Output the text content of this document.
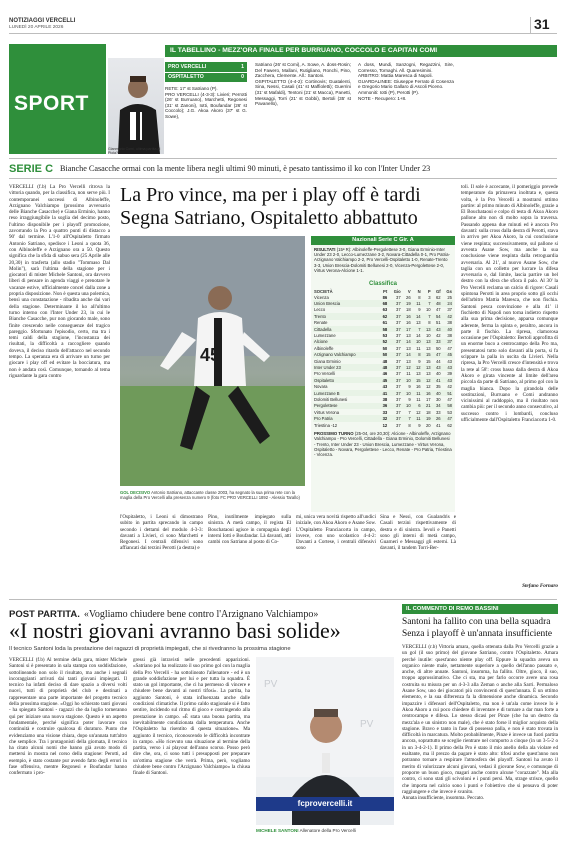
NOTIZIAGGI VERCELLI
LUNEDÌ 20 APRILE 2026	31
SPORT
IL TABELLINO - MEZZ'ORA FINALE PER BURRUANO, COCCOLO E CAPITAN COMI
Gianmario Comi, ultima partita al Piola?
PRO VERCELLI	1
OSPITALETTO	0
RETE: 17' st Satriano (P).
PRO VERCELLI (4-3-3): Livieri; Perrotti (26' st Burruano), Marchetti, Regonesi (31' st Zanoni), Iotti, Boufandar (26' st Coccolo); J.G. Akoa Akoro (37' st G. Sowe),
Satriano (26' st Comi), A. Sowe, A. doss-Rosin; Del Fawero, Mallani, Rutigliano, Ronchi, Pino, Zacchera, Clemente. All.: Santoni.
OSPITALETTO (4-4-2): Cortinovis; Guatalenti, Sina, Nessi, Casali (41' st Maffioletti); Guerrini (31' st Mafaldi), Tentoni (21' st Macca), Panetti, Messaggi, Torri (21' st Gobbi), Bertoli (35' st Pavanello),
A doss, Mundi, Sanzogni, Regazzini, Sire, Corresso, Tornaghi. All. Quaresimini.
ARBITRO: Mattia Maresca di Napoli.
GUARDALINEE: Giuseppe Ferrato di Cosenza e Gregorio Mario Gallaro di Ascoli Piceno.
Ammoniti: Iotti (P), Perotti (P).
NOTE - Recupero: 1+8.
SERIE C Bianche Casacche ormai con la mente libera negli ultimi 90 minuti, è pesato tantissimo il ko con l'Inter Under 23
VERCELLI (f.b) La Pro Vercelli ritrova la vittoria quando, per la classifica, non serve più. I contemporanei successi di Albinoleffe, Arzignano Valchiampo (prossimo avversario delle Bianche Casacche) e Giana Erminio, hanno reso irraggiungibile la soglia del decimo posto, l'ultimo disponibile per i playoff promozione, zavorrando la Pro a quattro punti di distacco a 90' dal termine. L'1-0 all'Ospitaletto firmato Antonio Satriano, spedisce i Leoni a quota 36, con Albinoleffe e Arzignano ora a 50. Questo significa che la sfida di sabuo sera (25 Aprile alle 20,30) in trasferta (allo stadio "Tommaso Dal Molin"), sarà l'ultima della stagione per i giocatori di mister Michele Santoni, ora davvero liberi di pensare in agenda viaggi e prenotare le vacanze estive, ufficialmente concel dalla zone a propria disposizione. Non è questa una polemica, bensì una constatazione - ribadita anche dai vari della stagione. Determinante il ko all'ultimo turno interno con l'Inter Under 23, in cui le Bianche Casacche, pur non giocando male, sono finite crescendo nelle conseguenze del tragico pareggio. Sfortunato l'episodio, certo, ma tra i temi caldi della stagione, l'incostanza dei risultati, la difficoltà a raccogliere quando doveva, il deciso ritardo dell'attacco nel secondo tempo. La speranza era di arrivare un turno per giocare i play off ed evitare la bocciatura, ma non è andata così. Comunque, tornando al tema riguardante la gara contro
La Pro vince, ma per i play off è tardi
Segna Satriano, Ospitaletto abbattuto
45
GOL DECISIVO Antonio Satriano, attaccante classe 2003, ha segnato la sua prima rete con la maglia della Pro Vercelli alla presenza numero 9 (foto FC PRO VERCELLI 1892 - Alessio Tarallo)
Nazionali Serie C Gir. A
RISULTATI (15ª R): Albinoleffe-Pergolettese 3-0, Giana Erminio-Inter Under 23 2-0, Lecco-Lumezzane 3-2, Novara-Cittadella 0-1, Pro Patria-Arzignano Valchiampo 2-2, Pro Vercelli-Ospitaletto 1-0, Renate-Trento 3-3, Union Brescia-Dolomiti Bellunesi 2-0, Vicenza-Pergolettese 2-0, Virtus Verona-Alcione 1-1.
Classifica
SOCIETÀ	Pt	Gio	V	N	P	Gf	Gs
Vicenza	86	37	26	8	3	62	25
Union Brescia	68	37	19	11	7	48	24
Lecco	63	37	18	9	10	47	37
Trento	62	37	16	14	7	54	42
Renate	61	37	16	13	8	51	38
Cittadella	58	37	17	7	13	43	40
Lumezzane	53	37	13	14	10	42	38
Alcione	52	37	14	10	13	33	37
Albinoleffe	50	37	13	11	13	50	47
Arzignano Valchiampo	50	37	14	8	15	47	45
Giana Erminio	48	37	13	9	15	44	43
Inter Under 23	48	37	12	12	13	43	43
Pro Vercelli	46	37	11	13	13	40	39
Ospitaletto	45	37	10	15	12	41	43
Novara	43	37	9	16	12	35	42
Lumezzane B	41	37	10	11	16	40	51
Dolomiti Bellunesi	38	37	9	11	17	30	47
Pergolettese	36	37	10	6	21	34	58
Virtus Verona	33	37	7	12	18	33	53
Pro Patria	32	37	7	11	19	26	47
Triestina -12	12	37	8	9	20	41	62
PROSSIMO TURNO (25-04, ore 20,30): Alcione - Albinoleffe, Arzignano Valchiampo - Pro Vercelli, Cittadella - Giana Erminio, Dolomiti Bellunesi - Trento, Inter Under 23 - Union Brescia, Lumezzane - Virtus Verona, Ospitaletto - Novara, Pergolettese - Lecco, Renate - Pro Patria, Triestina - Vicenza.
l'Ospitaletto, i Leoni si dimostrano subito in partita sprecando in campo secondo i dettami del modulo 4-3-3: davanti a Livieri, ci sono Marchetti e Regonesi. I centrali difensivi sono affiancati dai terzini Perotti (a destra) e
Pino, inutilmente impiegato sulla sinistra. A metà campo, il regista El Bouchataoui agisce in compagnia degli interni Iotti e Boufandar. Là davanti, atti cambi con Satriano al posto di Co-
mi, unica vera novità rispetto all'undici iniziale, con Akoa Akoro e Asane Sow. L'Ospitaletto Franciacorta in campo, invece, con uno scolastico 4-4-2: Davanti a Cortese, i centrali difensivi sono
Sina e Nessi, con Gualandris e Casali terzini rispettivamente di destra e di sinistra. Ievoli e Panetti sono gli interni di metà campo, Guarneri e Messaggi gli esterni. Là davanti, il tandem Torri-Ber-
toli. Il sole è accecante, il pomeriggio prevede temperature da primavera inoltrata e, questa volta, è la Pro Vercelli a mostrarsi ottimo partire: al primo minuto di Albinoleffe, grazie a El Bouchataoui e colpo di testa di Akoa Akoro pallone alto non di molto sopra la traversa. Passando appena due minuti ed è ancora Pro davanti: sulla cross dalla destra di Perotti, stava in arrivo per Akoa Akoro, la cui conclusione viene respinta; successivamente, sul pallone si avventa Asane Sow, ma anche la sua conclusione viene respinta dalla retroguardia avversaria. Al 21', al nuovo Asane Sow, che taglia con un colletto per lucrare la difesa avversaria e, dal limite, lascia partire un bel destro con la sfera che sfiora il palo. Al 30' la Pro Vercelli reclama un calcio di rigore: Casali spintona Perotti in area proprio sotto gli occhi dell'arbitro Mattia Maresca, che non fischia. Santoni pesca convinzione e alla 41' il fischietto di Napoli non torna indietro rispetto alla sua prima decisione, apparsa comunque aderente, ferma la spinta e, peraltro, ancora in parte il fischio. La ripresa, clamorosa occasione per l'Ospitaletto: Bertoli approfitta di un enorme buco a centrocampo della Pro ma, presentatosi tutto solo davanti alla porta, si fa scippare la palla in uscita da Livieri. Nella ripresa, la Pro Vercelli cresce d'intensità e trova la rete al 58': cross basso dalla destra di Akoa Akoro e girata vincente al limite dell'area piccola da parte di Satriano, al primo gol con la maglia bianca. Dopo la girandola delle sostituzioni, Burruano e Comi andranno vicinissimi al raddoppio, ma il risultato non cambia più: per il secondo anno consecutivo, al successo contro i lombardi, concluso ufficialmente dall'Ospitaletto Franciacorta 1-0.
Stefano Fornaro
POST PARTITA. «Vogliamo chiudere bene contro l'Arzignano Valchiampo»
«I nostri giovani avranno basi solide»
Il tecnico Santoni loda la prestazione dei ragazzi di proprietà impiegati, che si rivedranno la prossima stagione
VERCELLI (f.b) Al termine della gara, mister Michele Santoni si è presentato in sala stampa con soddisfazione, sottolineando non solo il risultato, ma anche i segnali incoraggianti arrivati dai tanti giovani impiegati. Il tecnico ha infatti deciso di dare spazio a diversi volti nuovi, tutti di proprietà del club e destinati a rappresentare una parte importante del progetto tecnico della prossima stagione. «Oggi ho schierato tanti giovani - ha spiegato Santoni - ragazzi che da luglio torneranno qui per iniziare una nuova stagione. Questo è un aspetto fondamentale, perché significa poter lavorare con continuità e costruire qualcosa di duraturo. Punto che evidenziamo una visione chiara, dopo un'annata tutt'altro che semplice. Tra i protagonisti della giornata, il tecnico ha citato alcuni nomi che hanno già avuto modo di mettersi in mostra nel corso della stagione: Perotti, ad esempio, è stato costante pur avendo fatto degli errori in fase offensiva, mentre Regonesi e Boufandar hanno confermato i pro-
gressi già intravisti nelle precedenti apparizioni. «Satriano poi ha realizzato il suo primo gol con la maglia della Pro Vercelli - ha sottolineato l'allenatore - ed è un grande soddisfazione per lui e per tutta la squadra. È stato un gol importante, che ci ha permesso di vincere e chiudere bene davanti ai nostri tifosi». La partita, ha aggiunto Santoni, è stata influenzata anche dalle condizioni climatiche. Il primo caldo stagionale si è fatto sentire, incidendo sul ritmo di gioco e costringendo alla prestazione in campo. «È stata una buona partita, ma inevitabilmente condizionata dalla temperatura. Anche l'Ospitaletto ha risentito di questa situazione». Ma aggiunto il tecnico, riconoscendo le difficoltà incontrate in campo. «Ho ricevuto una situazione al termine della partita, verso i ai playout dell'anno scorso. Posso però dire che, ora, ci sono tutti i presupposti per preparare un'ottima stagione che verrà. Prima, però, vogliamo chiudere bene contro l'Arzignano Valchiampo» la chiusa finale di Santoni.
PV
PV
fcprovercelli.it
MICHELE SANTONI Allenatore della Pro Vercelli
IL COMMENTO DI REMO BASSINI
Santoni ha fallito con una bella squadra
Senza i playoff è un'annata insufficiente
VERCELLI (r.b) Vittoria amara, quella ottenuta dalla Pro Vercelli grazie a un gol (il suo primo) del giovane Satriano, contro l'Ospitaletto. Amara perché inutile: quest'anno niente play off. Eppure la squadra aveva un organico niente male, nettamente superiore a quello dell'anno passato e, anche, di altre annate. Santoni, insomma, ha fallito. Oltre, gioco, il suo, troppo approssimativo. Che ci sta, ma per farlo occorre avere una rosa costruita su misura per un 4-3-3 alla Zeman o anche alla Sarri. Permaloso Asane Sow, uno dei giocatori più convincenti di quest'annata. È un ottimo elemento, e la sua difterenza fa la dimensione anche dinamica. Secondo impazzire i difensori dell'Ospitaletto, ma non è un'ala come invece lo è Akoa Akoro a cui poco chiedere di inventare e di tornare a dar man forte a centrocampo e difesa. Lo stesso dicasi per Pinze (che ha un destro da mezz'ala e un sinistro non male), che è stato forse il miglior acquisto della stagione. Bravo e tanto in fase di possesso palla, e non è stato trovata in difficoltà in marcatura. Molto probabilmente, Pinze è invece un fuori partita ancora, soprattutto se sceglie rientrare nel comporto a cinque (in un 3-5-2 o in un 3-4-2-1). Il primo della Pro è stato il mio anello della ala violare ed esaltante, ma il prezzo da pagare è stato alto: tifosi anche quest'anno non potranno tornare a respirare l'atmosfera dei playoff. Santoni ha avuto il merito di valorizzare alcuni giovani, vedasi il giovane Sow, e comunque di proporre un buon gioco, magari anche contro alcune "corazzate". Ma alla contro, ci sono stati gli scivoloni e i punti persi. Ma, strage strisce, quello che importa nel calcio sono i punti e l'obiettivo che si pensava di poter raggiungere e che invece è svanito.
Annata insufficiente, insomma. Peccato.
